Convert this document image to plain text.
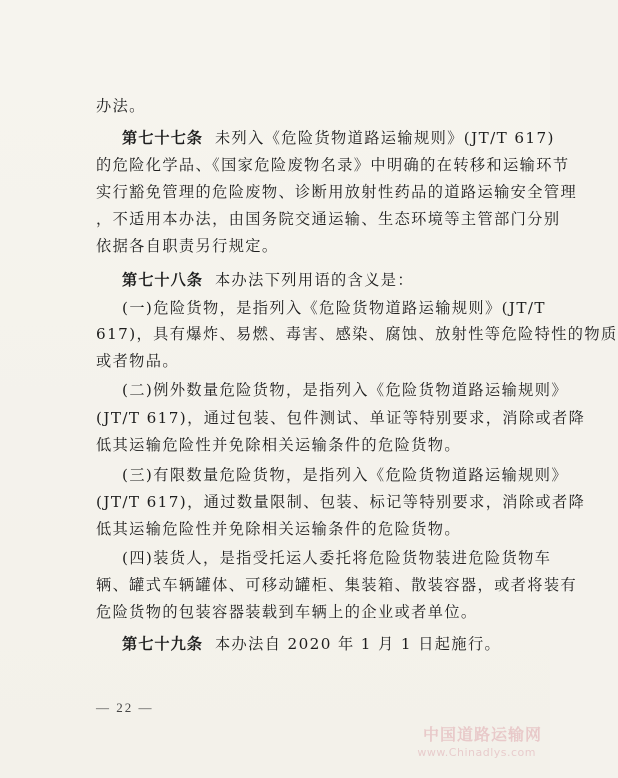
办法。
第七十七条 未列入《危险货物道路运输规则》(JT/T 617)
的危险化学品、《国家危险废物名录》中明确的在转移和运输环节
实行豁免管理的危险废物、诊断用放射性药品的道路运输安全管理
，不适用本办法，由国务院交通运输、生态环境等主管部门分别
依据各自职责另行规定。
第七十八条 本办法下列用语的含义是：
(一)危险货物，是指列入《危险货物道路运输规则》(JT/T
617)，具有爆炸、易燃、毒害、感染、腐蚀、放射性等危险特性的物质
或者物品。
(二)例外数量危险货物，是指列入《危险货物道路运输规则》
(JT/T 617)，通过包装、包件测试、单证等特别要求，消除或者降
低其运输危险性并免除相关运输条件的危险货物。
(三)有限数量危险货物，是指列入《危险货物道路运输规则》
(JT/T 617)，通过数量限制、包装、标记等特别要求，消除或者降
低其运输危险性并免除相关运输条件的危险货物。
(四)装货人，是指受托运人委托将危险货物装进危险货物车
辆、罐式车辆罐体、可移动罐柜、集装箱、散装容器，或者将装有
危险货物的包装容器装载到车辆上的企业或者单位。
第七十九条 本办法自 2020 年 1 月 1 日起施行。
— 22 —
中国道路运输网
www.Chinadlys.com
